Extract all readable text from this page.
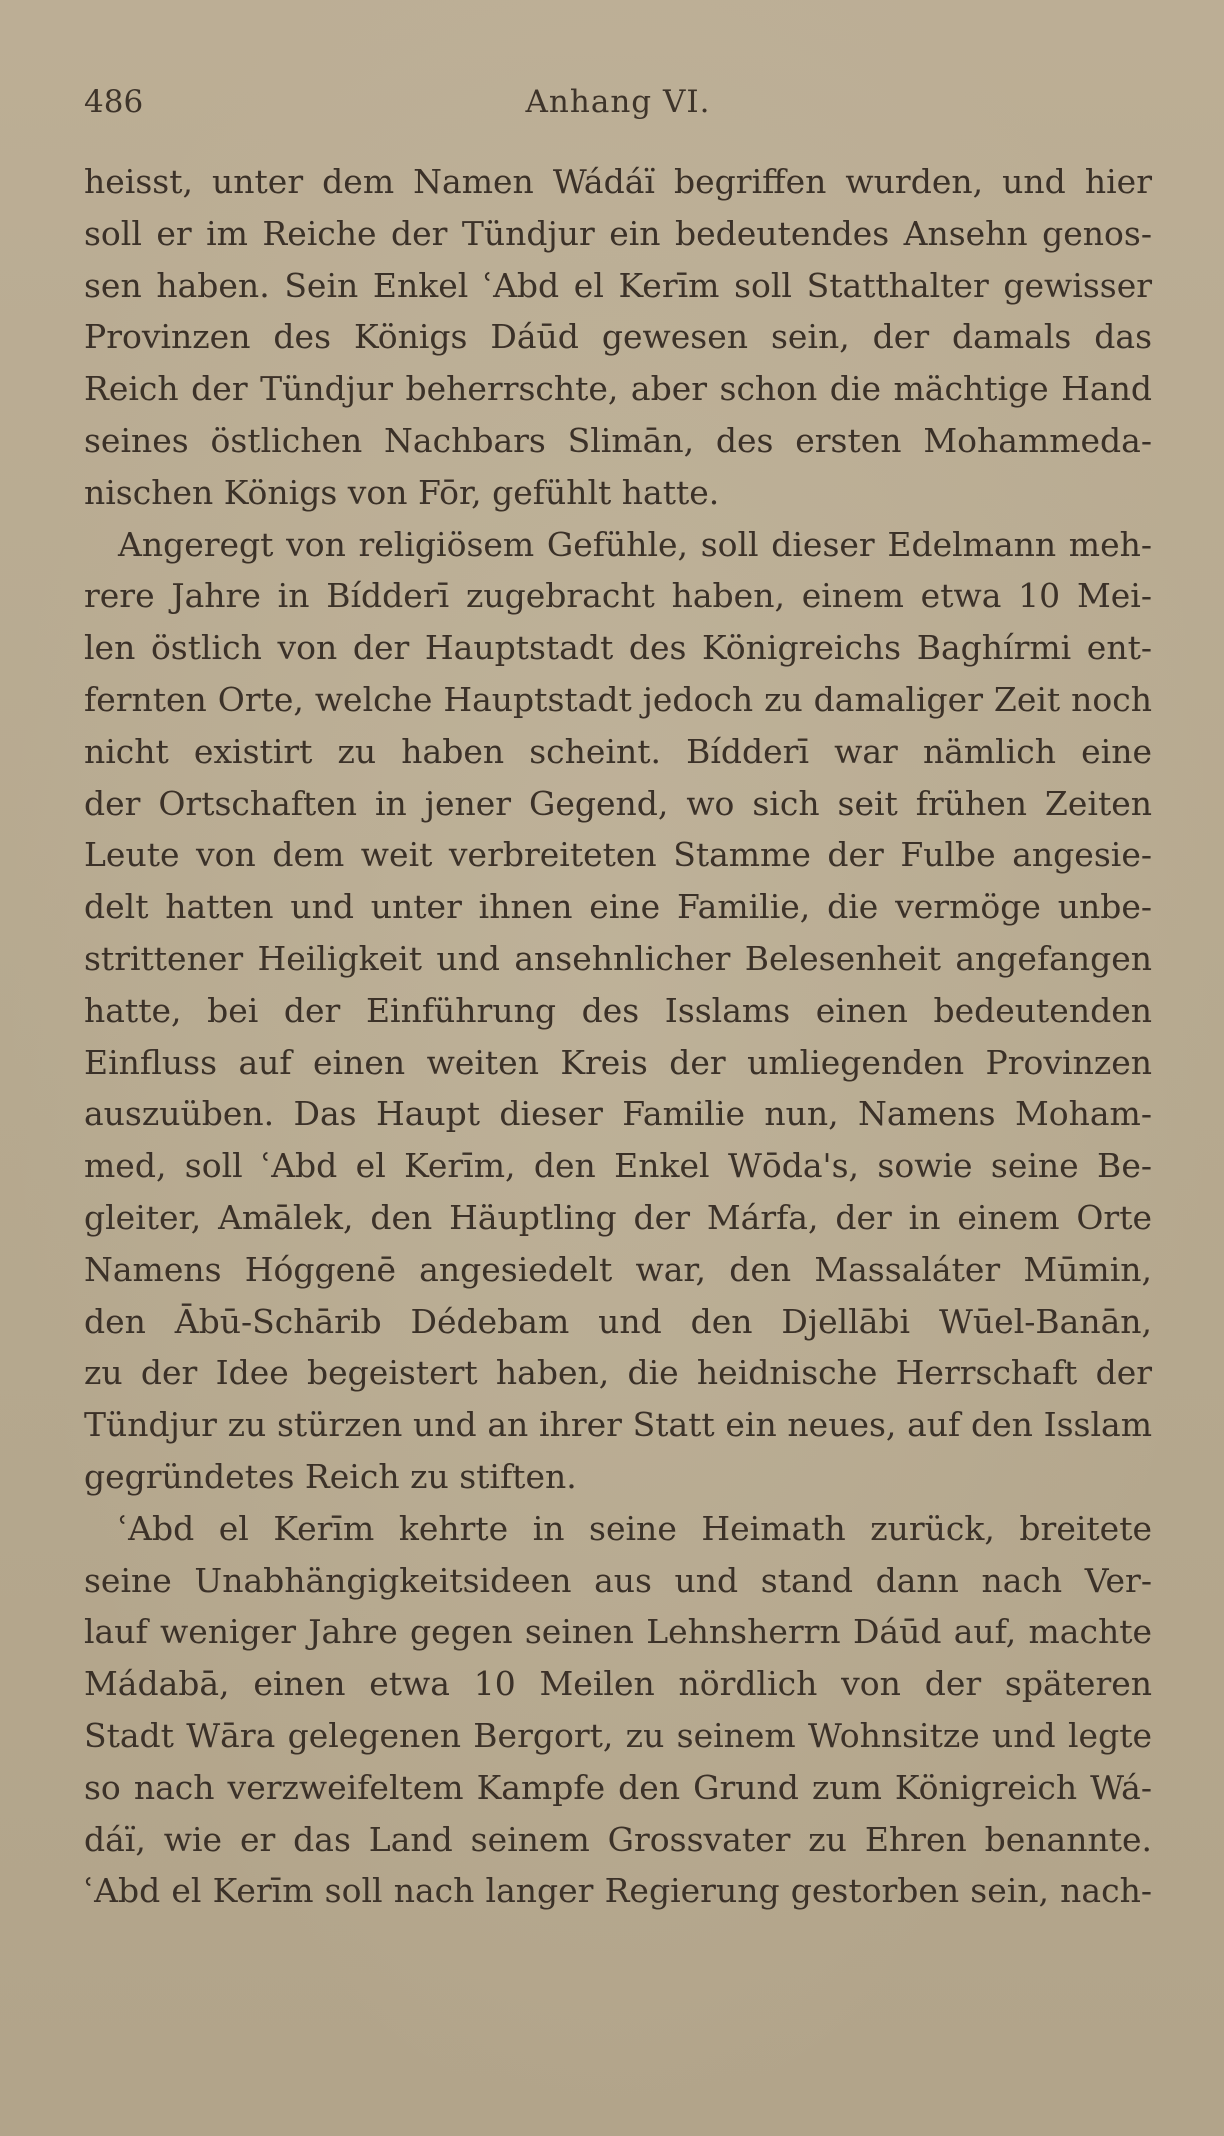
486	Anhang VI.
heisst, unter dem Namen Wádáï begriffen wurden, und hier
soll er im Reiche der Tündjur ein bedeutendes Ansehn genos-
sen haben. Sein Enkel ʿAbd el Kerīm soll Statthalter gewisser
Provinzen des Königs Dáūd gewesen sein, der damals das
Reich der Tündjur beherrschte, aber schon die mächtige Hand
seines östlichen Nachbars Slimān, des ersten Mohammeda-
nischen Königs von Fōr, gefühlt hatte.
Angeregt von religiösem Gefühle, soll dieser Edelmann meh-
rere Jahre in Bídderī zugebracht haben, einem etwa 10 Mei-
len östlich von der Hauptstadt des Königreichs Baghírmi ent-
fernten Orte, welche Hauptstadt jedoch zu damaliger Zeit noch
nicht existirt zu haben scheint. Bídderī war nämlich eine
der Ortschaften in jener Gegend, wo sich seit frühen Zeiten
Leute von dem weit verbreiteten Stamme der Fulbe angesie-
delt hatten und unter ihnen eine Familie, die vermöge unbe-
strittener Heiligkeit und ansehnlicher Belesenheit angefangen
hatte, bei der Einführung des Isslams einen bedeutenden
Einfluss auf einen weiten Kreis der umliegenden Provinzen
auszuüben. Das Haupt dieser Familie nun, Namens Moham-
med, soll ʿAbd el Kerīm, den Enkel Wōda's, sowie seine Be-
gleiter, Amālek, den Häuptling der Márfa, der in einem Orte
Namens Hóggenē angesiedelt war, den Massaláter Mūmin,
den Ābū-Schārib Dédebam und den Djellābi Wūel-Banān,
zu der Idee begeistert haben, die heidnische Herrschaft der
Tündjur zu stürzen und an ihrer Statt ein neues, auf den Isslam
gegründetes Reich zu stiften.
ʿAbd el Kerīm kehrte in seine Heimath zurück, breitete
seine Unabhängigkeitsideen aus und stand dann nach Ver-
lauf weniger Jahre gegen seinen Lehnsherrn Dáūd auf, machte
Mádabā, einen etwa 10 Meilen nördlich von der späteren
Stadt Wāra gelegenen Bergort, zu seinem Wohnsitze und legte
so nach verzweifeltem Kampfe den Grund zum Königreich Wá-
dáï, wie er das Land seinem Grossvater zu Ehren benannte.
ʿAbd el Kerīm soll nach langer Regierung gestorben sein, nach-
